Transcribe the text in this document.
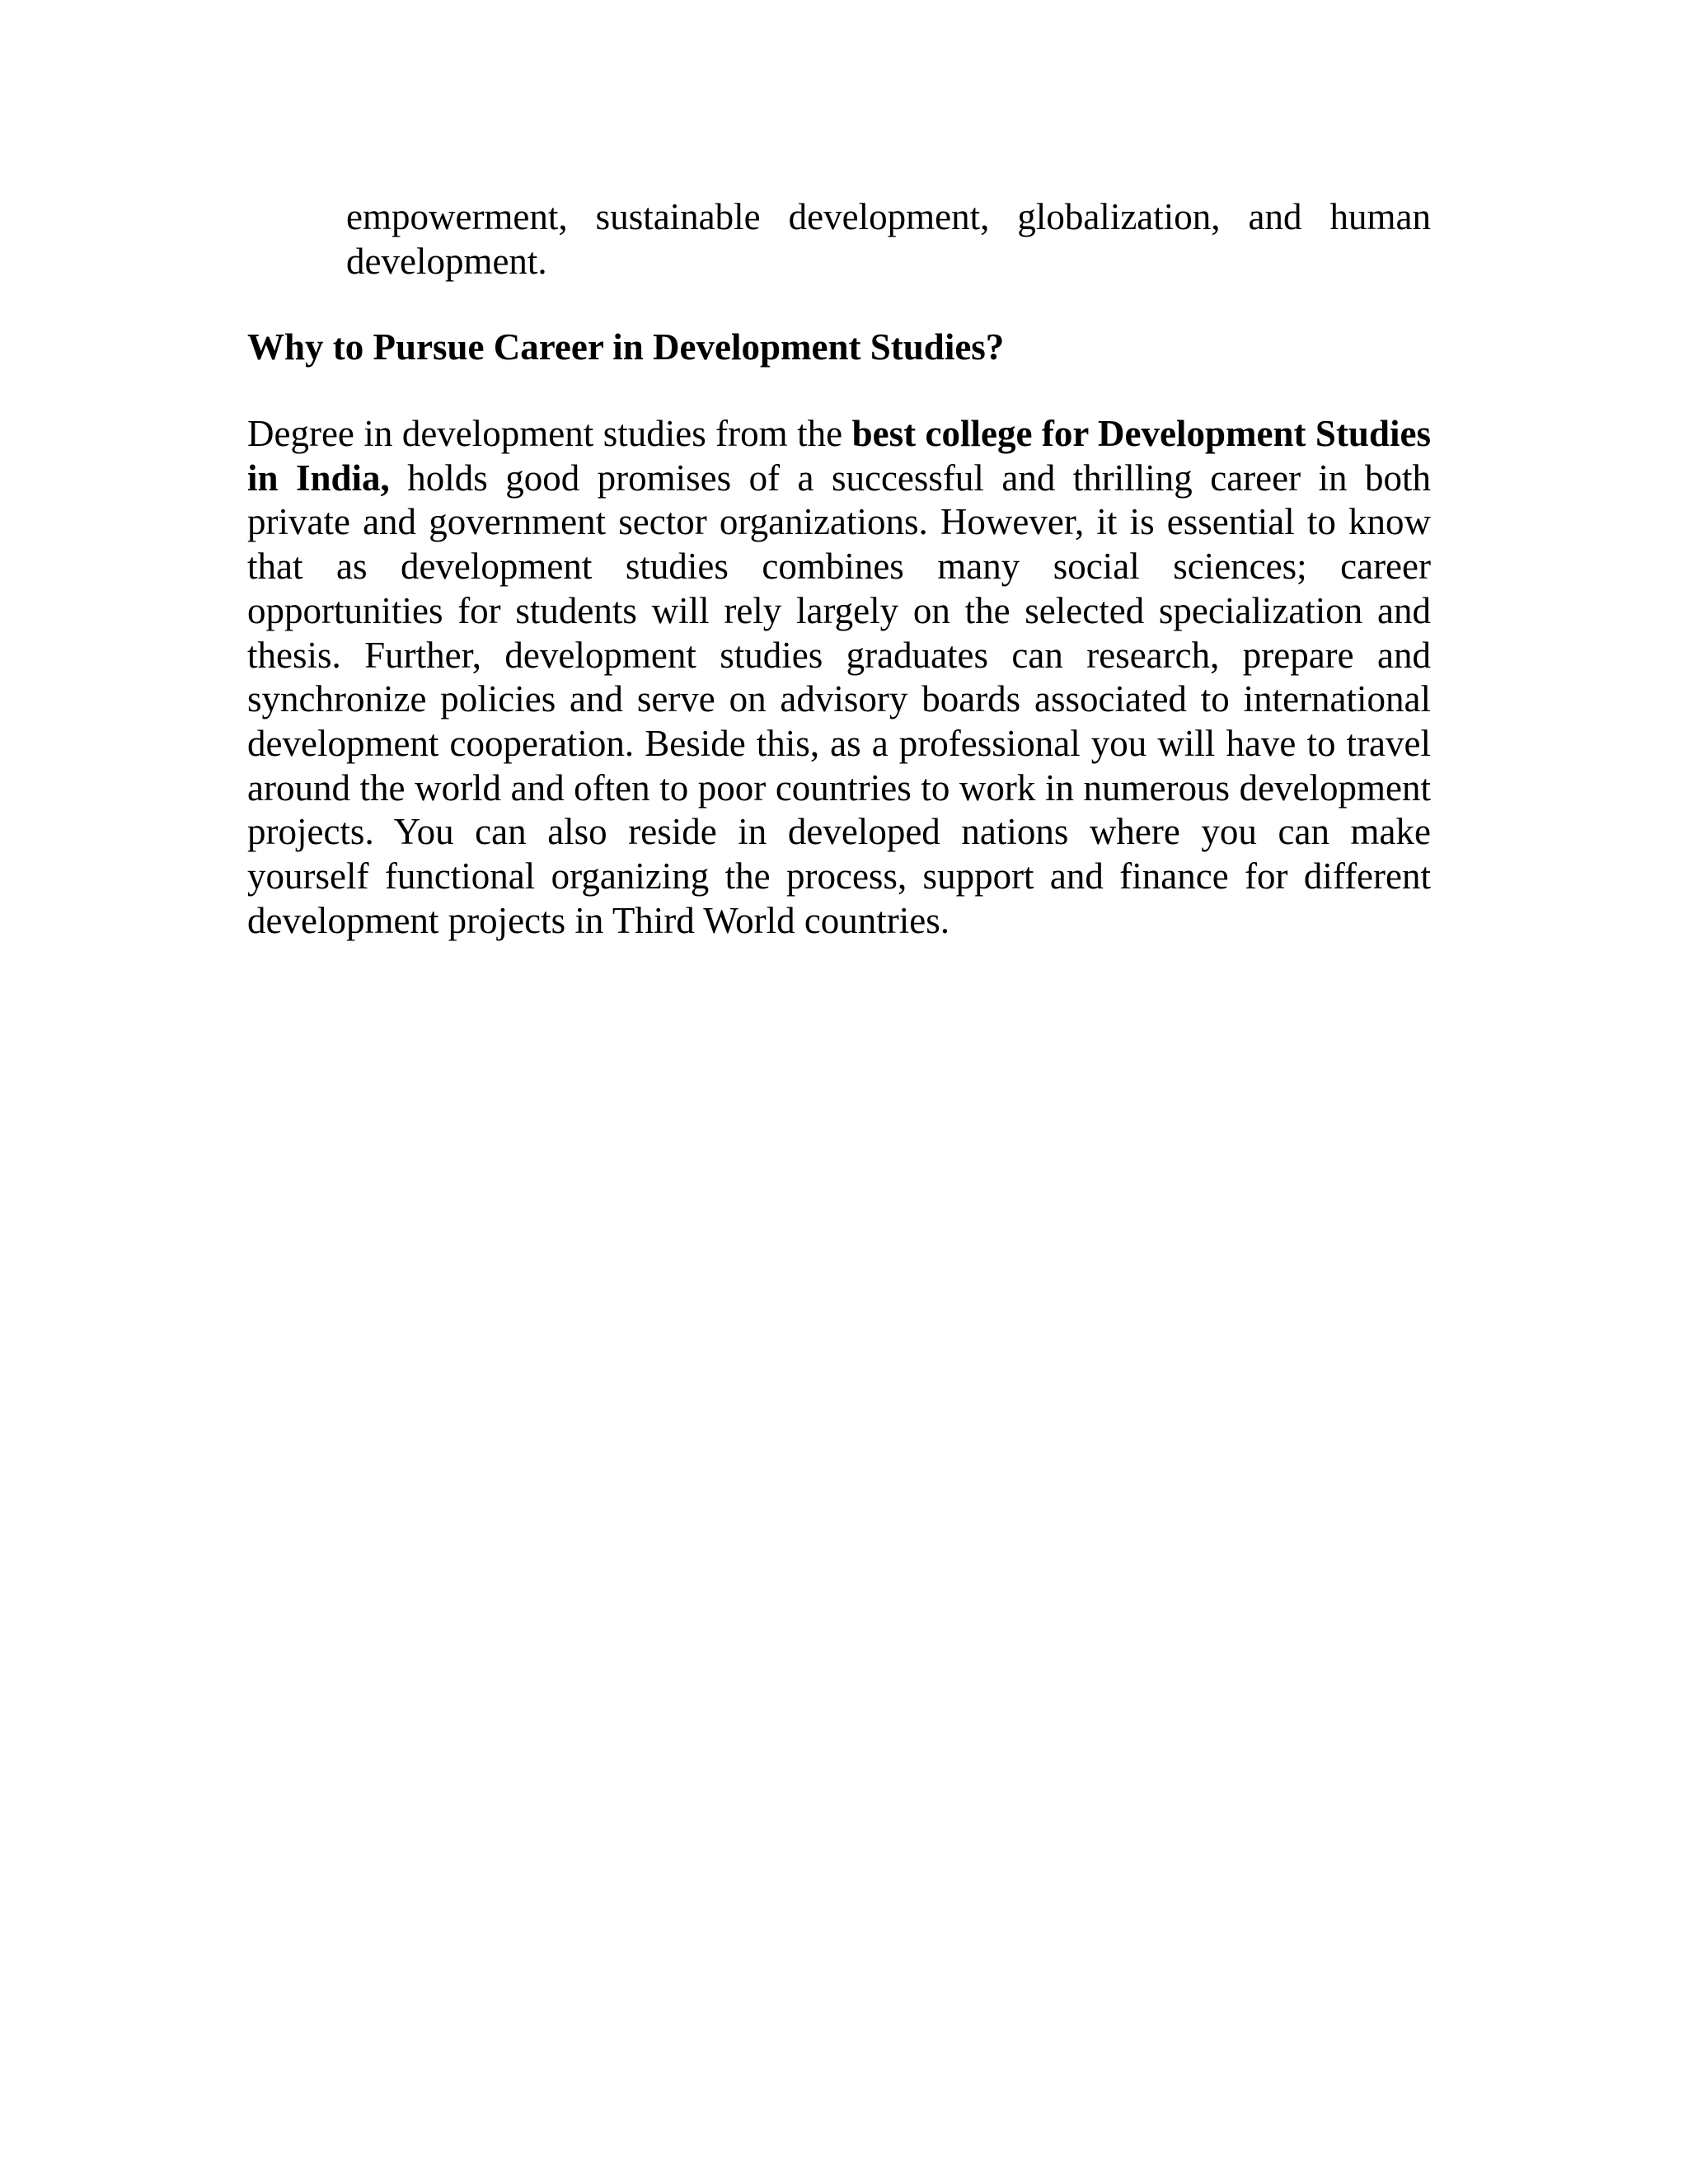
empowerment, sustainable development, globalization, and human development.

Why to Pursue Career in Development Studies?

Degree in development studies from the best college for Development Studies in India, holds good promises of a successful and thrilling career in both private and government sector organizations. However, it is essential to know that as development studies combines many social sciences; career opportunities for students will rely largely on the selected specialization and thesis. Further, development studies graduates can research, prepare and synchronize policies and serve on advisory boards associated to international development cooperation. Beside this, as a professional you will have to travel around the world and often to poor countries to work in numerous development projects. You can also reside in developed nations where you can make yourself functional organizing the process, support and finance for different development projects in Third World countries.
